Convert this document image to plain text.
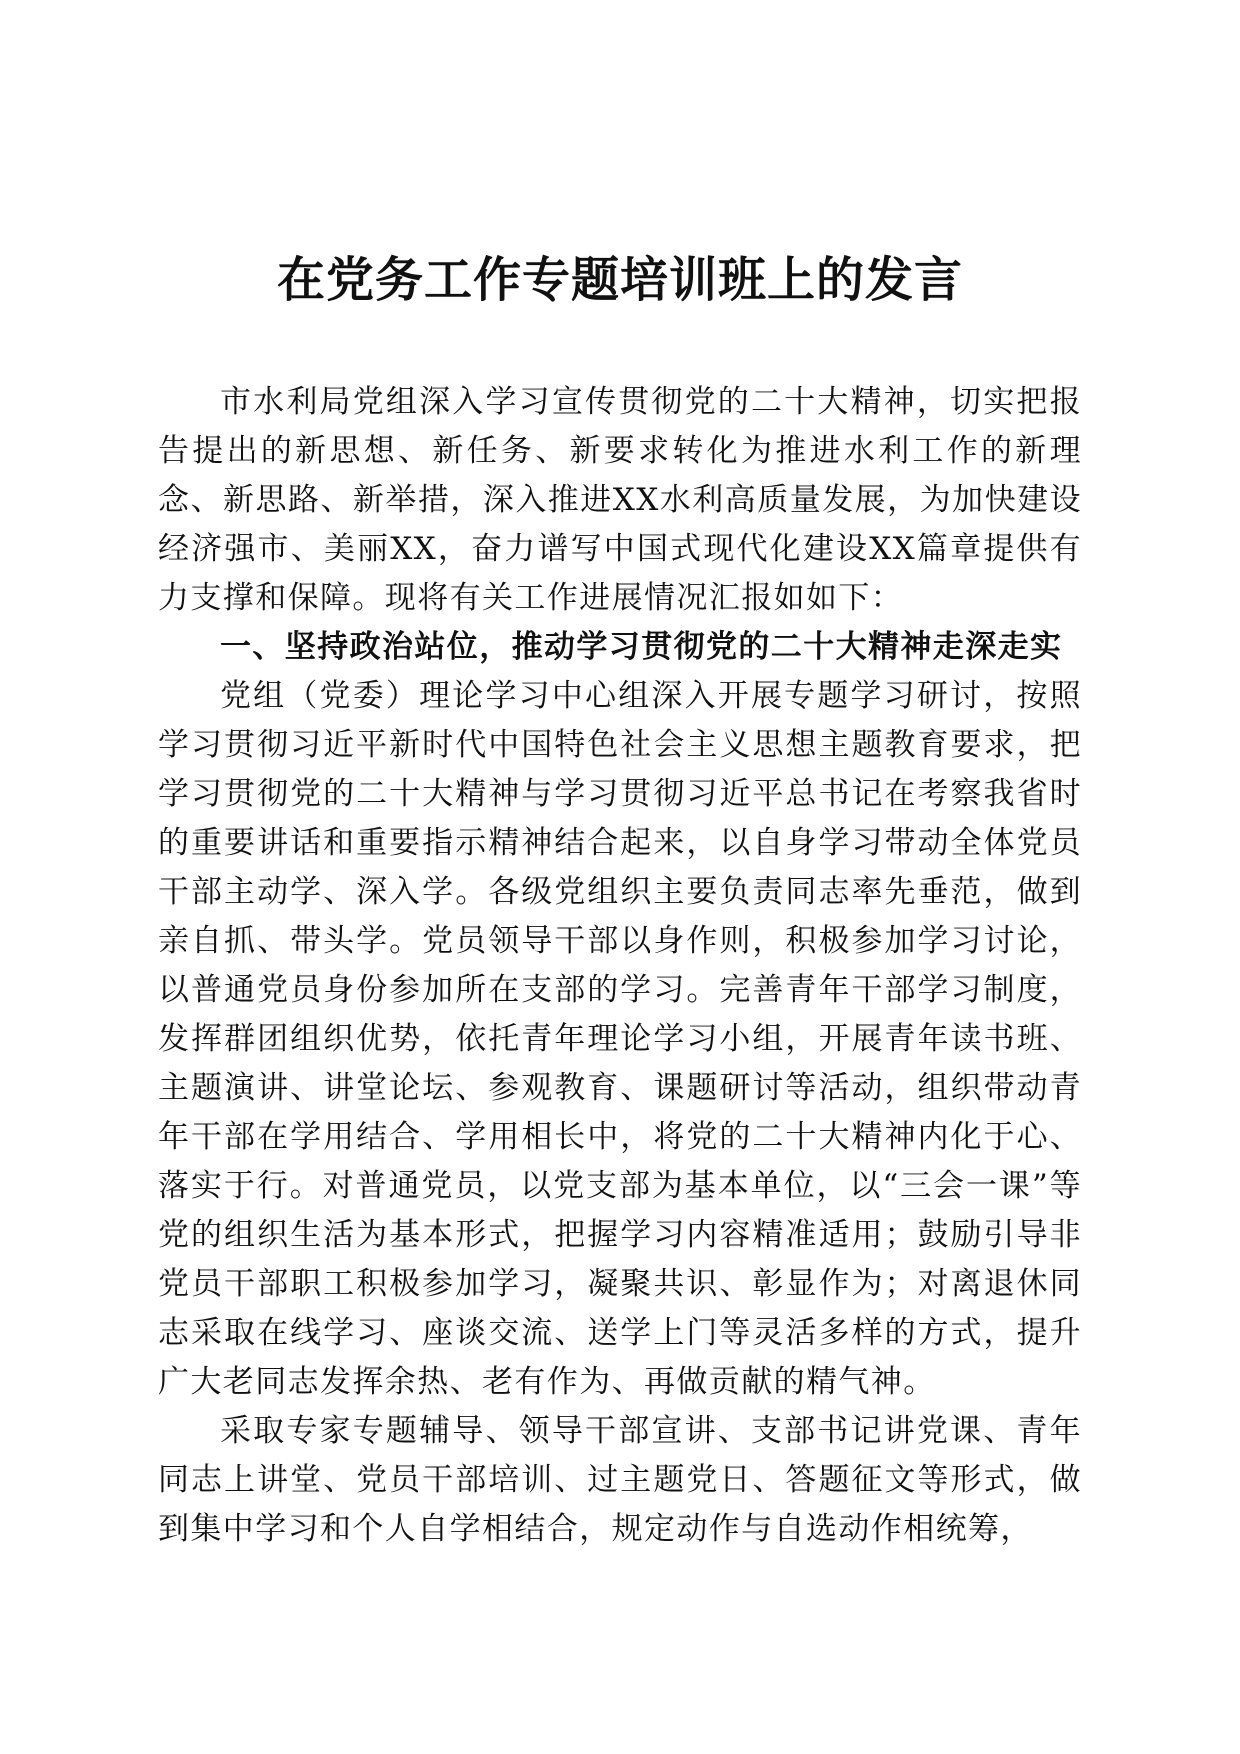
在党务工作专题培训班上的发言

市水利局党组深入学习宣传贯彻党的二十大精神，切实把报告提出的新思想、新任务、新要求转化为推进水利工作的新理念、新思路、新举措，深入推进XX水利高质量发展，为加快建设经济强市、美丽XX，奋力谱写中国式现代化建设XX篇章提供有力支撑和保障。现将有关工作进展情况汇报如如下：

一、坚持政治站位，推动学习贯彻党的二十大精神走深走实

党组（党委）理论学习中心组深入开展专题学习研讨，按照学习贯彻习近平新时代中国特色社会主义思想主题教育要求，把学习贯彻党的二十大精神与学习贯彻习近平总书记在考察我省时的重要讲话和重要指示精神结合起来，以自身学习带动全体党员干部主动学、深入学。各级党组织主要负责同志率先垂范，做到亲自抓、带头学。党员领导干部以身作则，积极参加学习讨论，以普通党员身份参加所在支部的学习。完善青年干部学习制度，发挥群团组织优势，依托青年理论学习小组，开展青年读书班、主题演讲、讲堂论坛、参观教育、课题研讨等活动，组织带动青年干部在学用结合、学用相长中，将党的二十大精神内化于心、落实于行。对普通党员，以党支部为基本单位，以“三会一课”等党的组织生活为基本形式，把握学习内容精准适用；鼓励引导非党员干部职工积极参加学习，凝聚共识、彰显作为；对离退休同志采取在线学习、座谈交流、送学上门等灵活多样的方式，提升广大老同志发挥余热、老有作为、再做贡献的精气神。

采取专家专题辅导、领导干部宣讲、支部书记讲党课、青年同志上讲堂、党员干部培训、过主题党日、答题征文等形式，做到集中学习和个人自学相结合，规定动作与自选动作相统筹，
